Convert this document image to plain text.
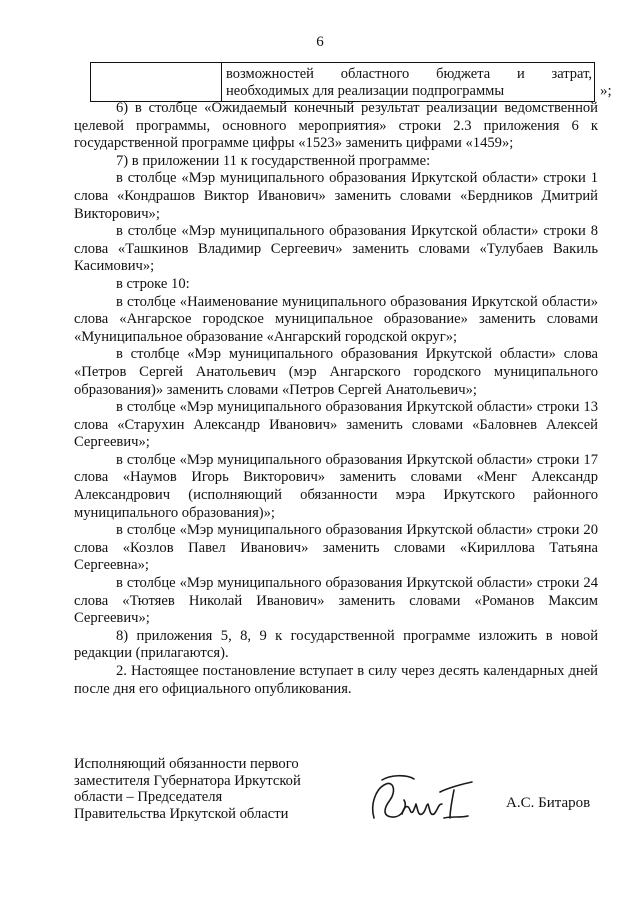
6
возможностей областного бюджета и затрат,
необходимых для реализации подпрограммы	»;

6) в столбце «Ожидаемый конечный результат реализации ведомственной целевой программы, основного мероприятия» строки 2.3 приложения 6 к государственной программе цифры «1523» заменить цифрами «1459»;

7) в приложении 11 к государственной программе:

в столбце «Мэр муниципального образования Иркутской области» строки 1 слова «Кондрашов Виктор Иванович» заменить словами «Бердников Дмитрий Викторович»;

в столбце «Мэр муниципального образования Иркутской области» строки 8 слова «Ташкинов Владимир Сергеевич» заменить словами «Тулубаев Вакиль Касимович»;

в строке 10:

в столбце «Наименование муниципального образования Иркутской области» слова «Ангарское городское муниципальное образование» заменить словами «Муниципальное образование «Ангарский городской округ»;

в столбце «Мэр муниципального образования Иркутской области» слова «Петров Сергей Анатольевич (мэр Ангарского городского муниципального образования)» заменить словами «Петров Сергей Анатольевич»;

в столбце «Мэр муниципального образования Иркутской области» строки 13 слова «Старухин Александр Иванович» заменить словами «Баловнев Алексей Сергеевич»;

в столбце «Мэр муниципального образования Иркутской области» строки 17 слова «Наумов Игорь Викторович» заменить словами «Менг Александр Александрович (исполняющий обязанности мэра Иркутского районного муниципального образования)»;

в столбце «Мэр муниципального образования Иркутской области» строки 20 слова «Козлов Павел Иванович» заменить словами «Кириллова Татьяна Сергеевна»;

в столбце «Мэр муниципального образования Иркутской области» строки 24 слова «Тютяев Николай Иванович» заменить словами «Романов Максим Сергеевич»;

8) приложения 5, 8, 9 к государственной программе изложить в новой редакции (прилагаются).

2. Настоящее постановление вступает в силу через десять календарных дней после дня его официального опубликования.

Исполняющий обязанности первого
заместителя Губернатора Иркутской
области – Председателя
Правительства Иркутской области
А.С. Битаров
